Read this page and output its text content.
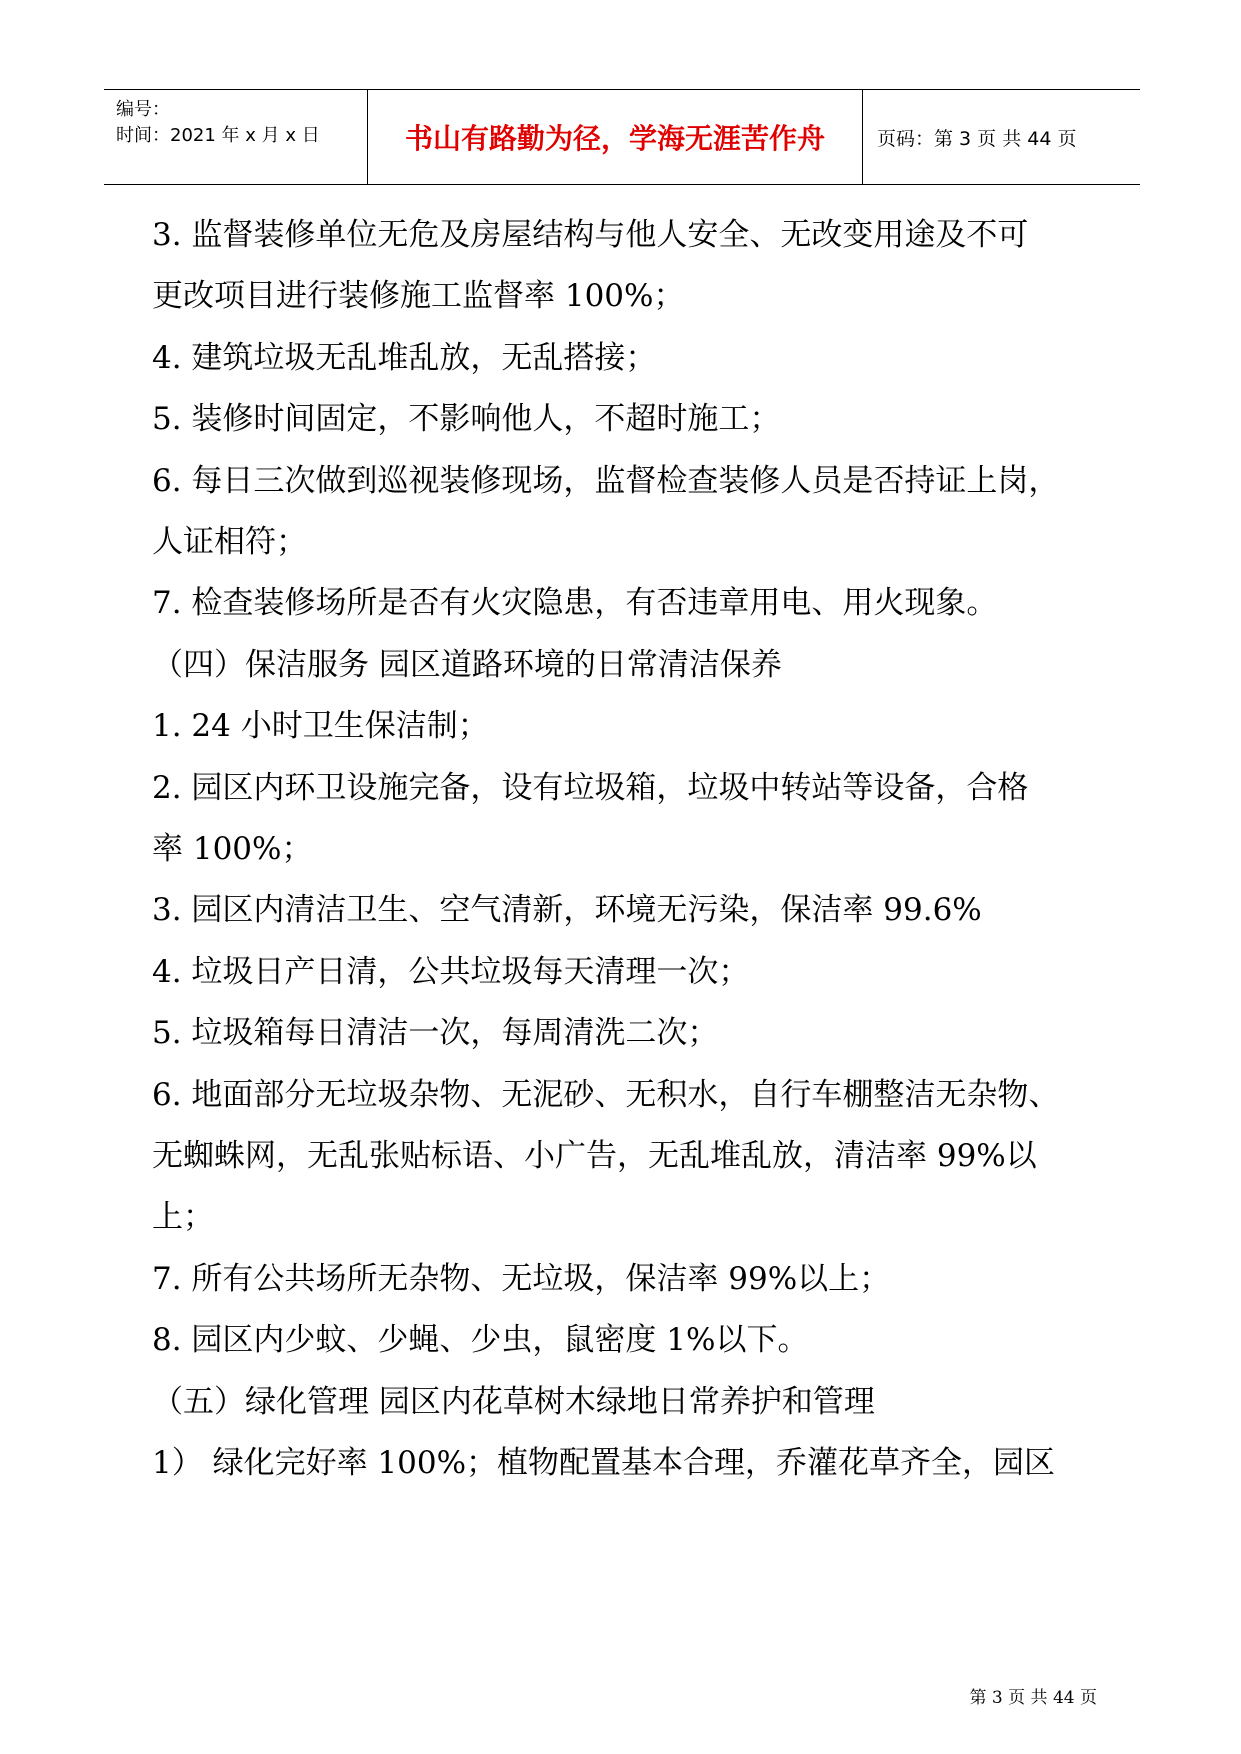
编号：
时间：2021 年 x 月 x 日	书山有路勤为径，学海无涯苦作舟	页码：第 3 页 共 44 页
3. 监督装修单位无危及房屋结构与他人安全、无改变用途及不可
更改项目进行装修施工监督率 100%；
4. 建筑垃圾无乱堆乱放，无乱搭接；
5. 装修时间固定，不影响他人，不超时施工；
6. 每日三次做到巡视装修现场，监督检查装修人员是否持证上岗，
人证相符；
7. 检查装修场所是否有火灾隐患，有否违章用电、用火现象。
（四）保洁服务 园区道路环境的日常清洁保养
1. 24 小时卫生保洁制；
2. 园区内环卫设施完备，设有垃圾箱，垃圾中转站等设备，合格
率 100%；
3. 园区内清洁卫生、空气清新，环境无污染，保洁率 99.6%
4. 垃圾日产日清，公共垃圾每天清理一次；
5. 垃圾箱每日清洁一次，每周清洗二次；
6. 地面部分无垃圾杂物、无泥砂、无积水，自行车棚整洁无杂物、
无蜘蛛网，无乱张贴标语、小广告，无乱堆乱放，清洁率 99%以
上；
7. 所有公共场所无杂物、无垃圾，保洁率 99%以上；
8. 园区内少蚊、少蝇、少虫，鼠密度 1%以下。
（五）绿化管理 园区内花草树木绿地日常养护和管理
1） 绿化完好率 100%；植物配置基本合理，乔灌花草齐全，园区
第 3 页 共 44 页
